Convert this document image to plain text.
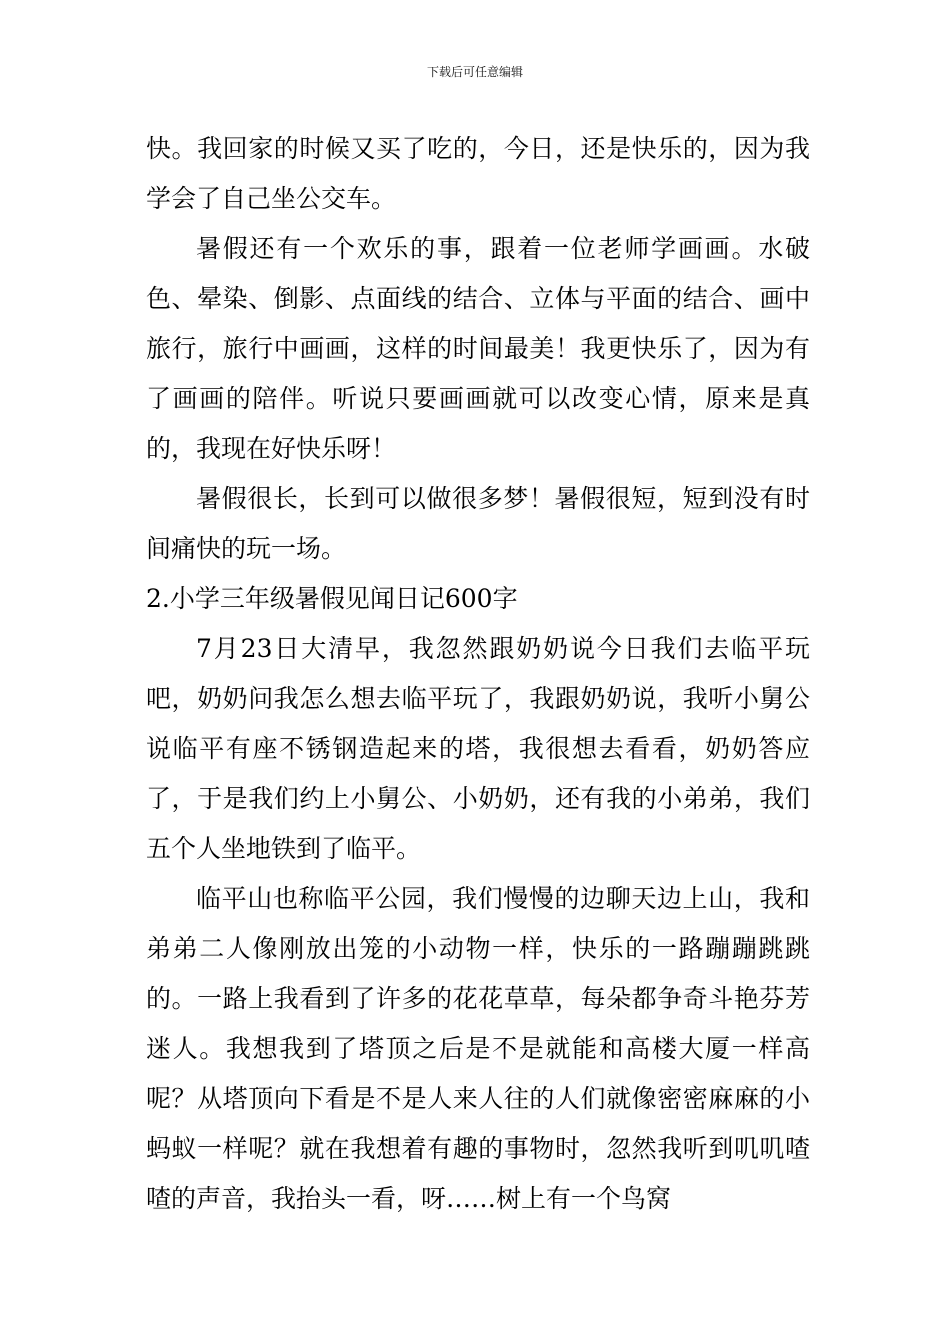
下载后可任意编辑

快。我回家的时候又买了吃的，今日，还是快乐的，因为我学会了自己坐公交车。

暑假还有一个欢乐的事，跟着一位老师学画画。水破色、晕染、倒影、点面线的结合、立体与平面的结合、画中旅行，旅行中画画，这样的时间最美！我更快乐了，因为有了画画的陪伴。听说只要画画就可以改变心情，原来是真的，我现在好快乐呀！

暑假很长，长到可以做很多梦！暑假很短，短到没有时间痛快的玩一场。

2.小学三年级暑假见闻日记600字

7月23日大清早，我忽然跟奶奶说今日我们去临平玩吧，奶奶问我怎么想去临平玩了，我跟奶奶说，我听小舅公说临平有座不锈钢造起来的塔，我很想去看看，奶奶答应了，于是我们约上小舅公、小奶奶，还有我的小弟弟，我们五个人坐地铁到了临平。

临平山也称临平公园，我们慢慢的边聊天边上山，我和弟弟二人像刚放出笼的小动物一样，快乐的一路蹦蹦跳跳的。一路上我看到了许多的花花草草，每朵都争奇斗艳芬芳迷人。我想我到了塔顶之后是不是就能和高楼大厦一样高呢？从塔顶向下看是不是人来人往的人们就像密密麻麻的小蚂蚁一样呢？就在我想着有趣的事物时，忽然我听到叽叽喳喳的声音，我抬头一看，呀……树上有一个鸟窝
